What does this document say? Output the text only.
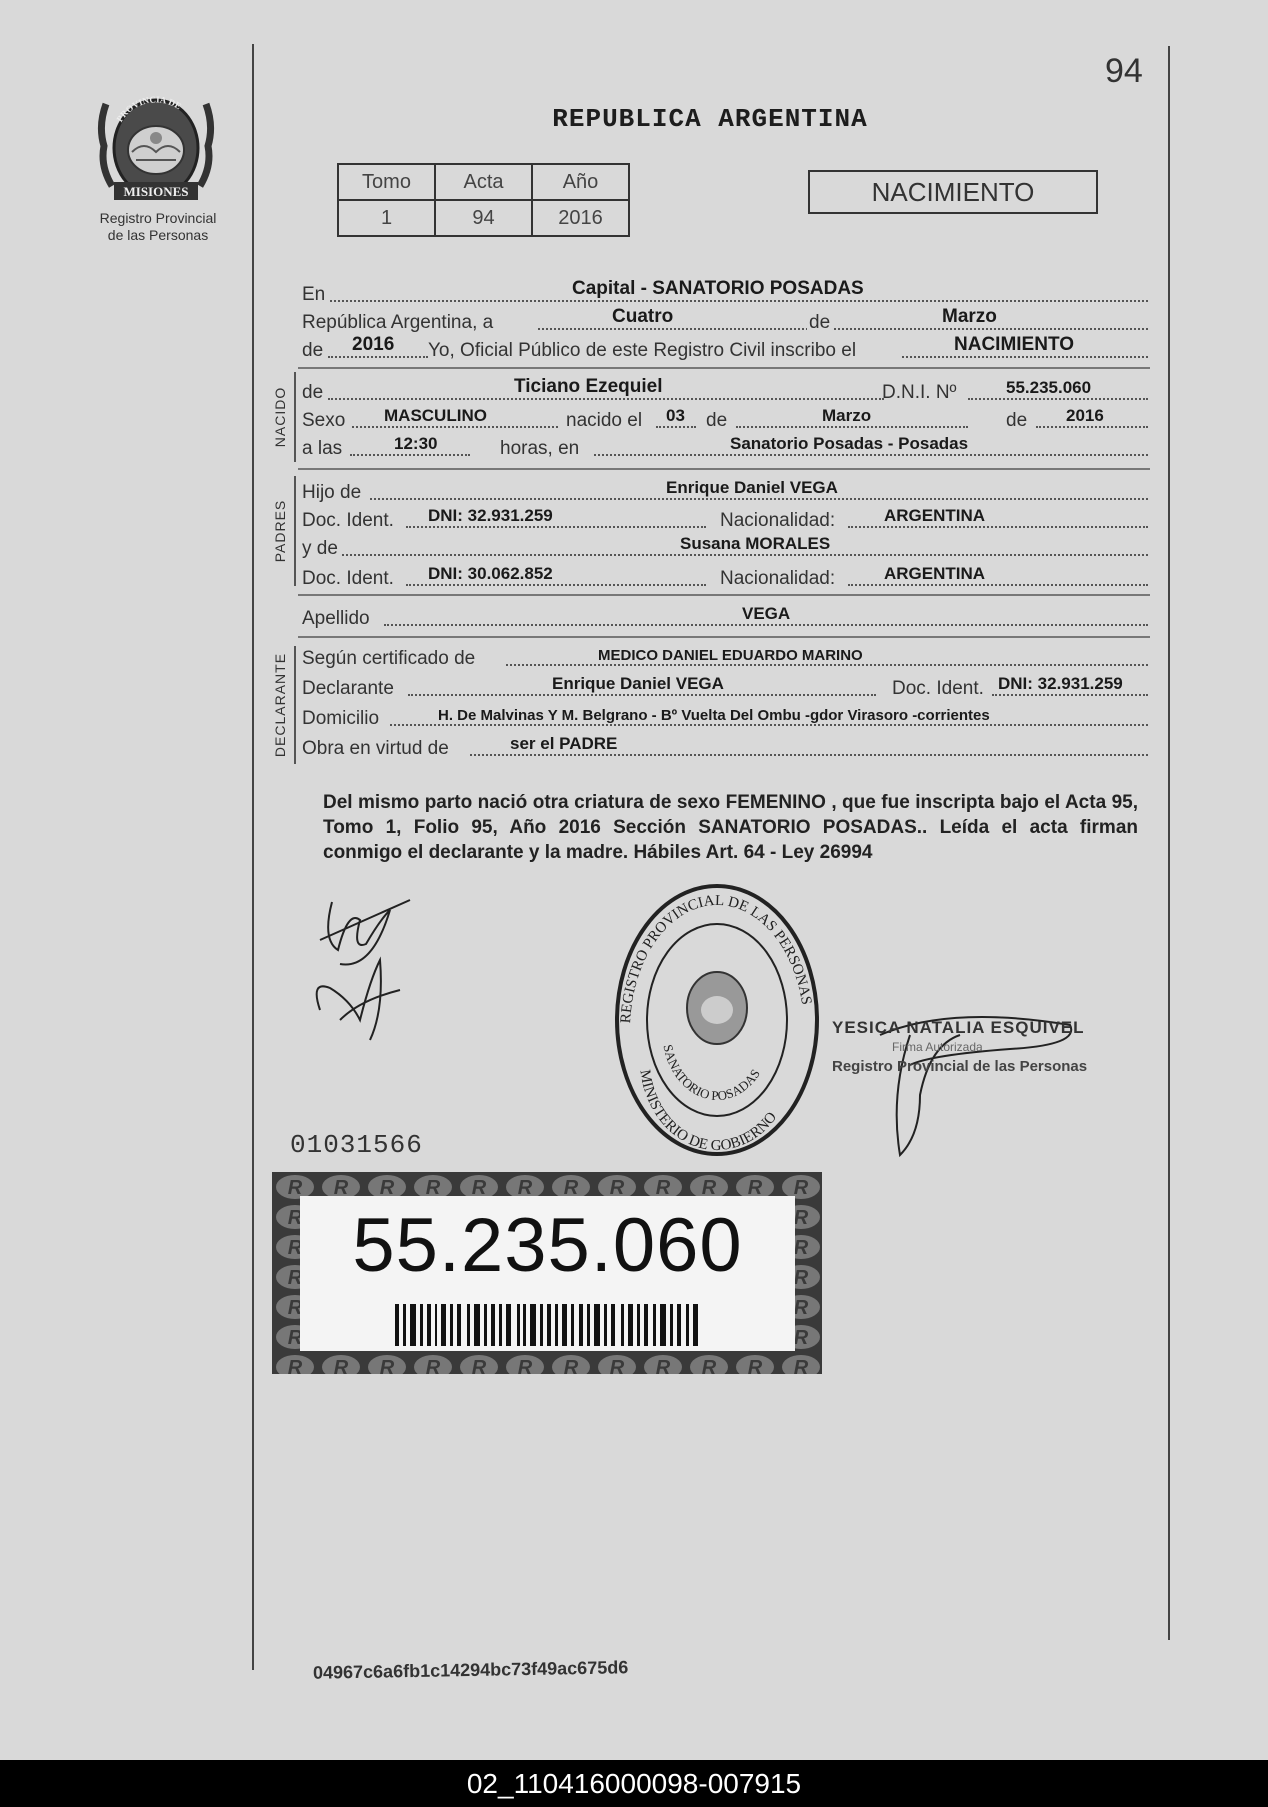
PROVINCIA DE
MISIONES
Registro Provincial
de las Personas
94
REPUBLICA ARGENTINA
Tomo	Acta	Año
1	94	2016
NACIMIENTO
En	Capital - SANATORIO POSADAS
República Argentina, a	Cuatro	de	Marzo
de 2016 Yo, Oficial Público de este Registro Civil inscribo el	NACIMIENTO
NACIDO de	Ticiano Ezequiel	D.N.I. Nº	55.235.060
Sexo MASCULINO	nacido el 03 de	Marzo	de 2016
a las	12:30	horas, en	Sanatorio Posadas - Posadas
PADRES
Hijo de	Enrique Daniel VEGA
Doc. Ident. DNI: 32.931.259	Nacionalidad:	ARGENTINA
y de	Susana MORALES
Doc. Ident. DNI: 30.062.852	Nacionalidad:	ARGENTINA
Apellido	VEGA
DECLARANTE Según certificado de	MEDICO DANIEL EDUARDO MARINO
Declarante	Enrique Daniel VEGA	Doc. Ident. DNI: 32.931.259
Domicilio	H. De Malvinas Y M. Belgrano - Bº Vuelta Del Ombu -gdor Virasoro -corrientes
Obra en virtud de	ser el PADRE
Del mismo parto nació otra criatura de sexo FEMENINO , que fue inscripta bajo el Acta 95, Tomo 1, Folio 95, Año 2016 Sección SANATORIO POSADAS.. Leída el acta firman conmigo el declarante y la madre. Hábiles Art. 64 - Ley 26994
REGISTRO PROVINCIAL DE LAS PERSONAS
SANATORIO POSADAS
MINISTERIO DE GOBIERNO
YESICA NATALIA ESQUIVEL
Firma Autorizada
Registro Provincial de las Personas
01031566
55.235.060
04967c6a6fb1c14294bc73f49ac675d6
02_110416000098-007915
